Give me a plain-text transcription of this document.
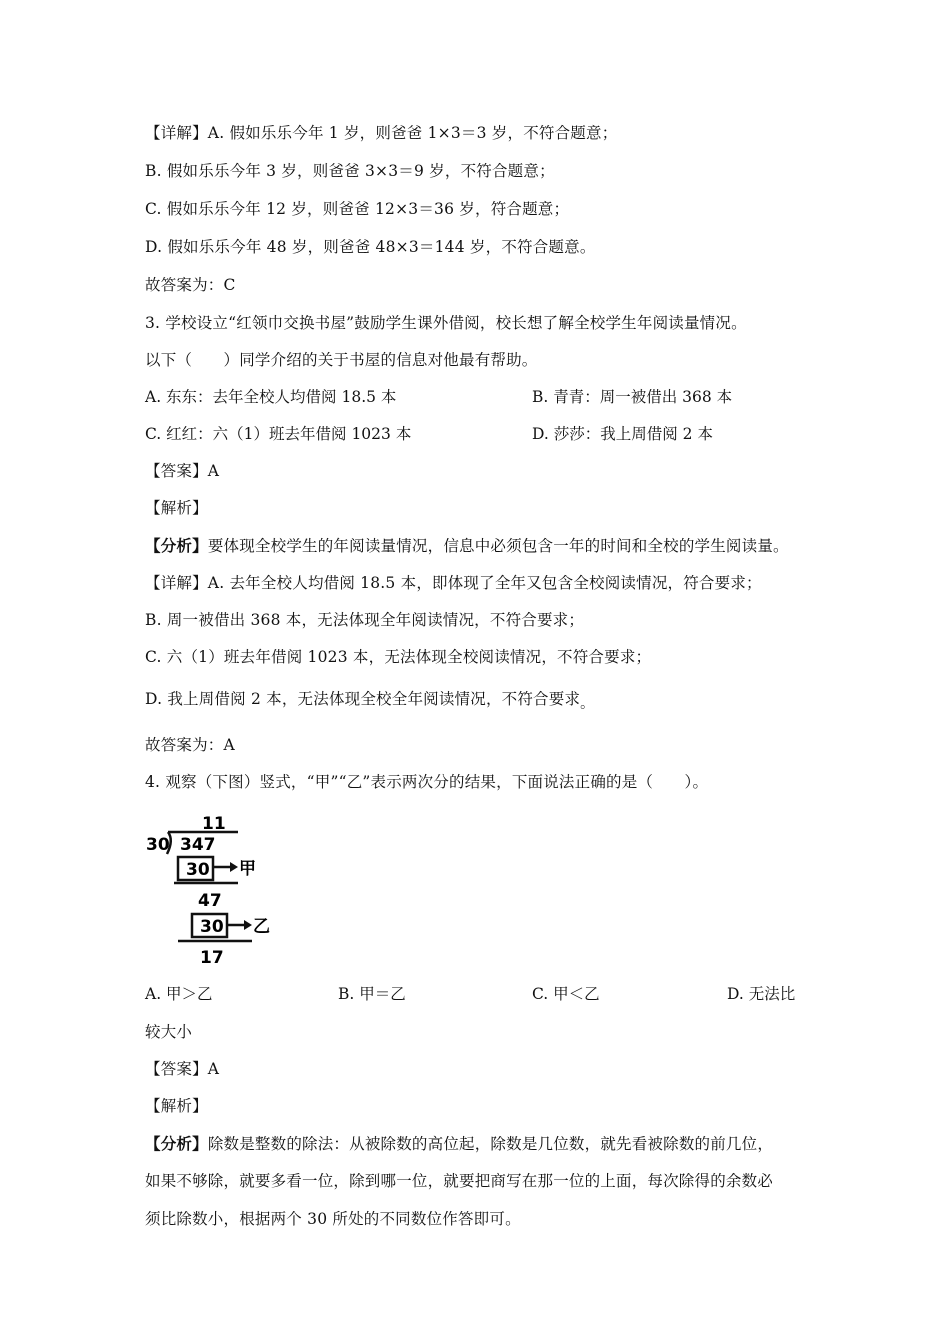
【详解】A. 假如乐乐今年 1 岁，则爸爸 1×3＝3 岁，不符合题意；
B. 假如乐乐今年 3 岁，则爸爸 3×3＝9 岁，不符合题意；
C. 假如乐乐今年 12 岁，则爸爸 12×3＝36 岁，符合题意；
D. 假如乐乐今年 48 岁，则爸爸 48×3＝144 岁，不符合题意。
故答案为：C
3. 学校设立“红领巾交换书屋”鼓励学生课外借阅，校长想了解全校学生年阅读量情况。
以下（　　）同学介绍的关于书屋的信息对他最有帮助。
A. 东东：去年全校人均借阅 18.5 本	B. 青青：周一被借出 368 本
C. 红红：六（1）班去年借阅 1023 本	D. 莎莎：我上周借阅 2 本
【答案】A
【解析】
【分析】要体现全校学生的年阅读量情况，信息中必须包含一年的时间和全校的学生阅读量。
【详解】A. 去年全校人均借阅 18.5 本，即体现了全年又包含全校阅读情况，符合要求；
B. 周一被借出 368 本，无法体现全年阅读情况，不符合要求；
C. 六（1）班去年借阅 1023 本，无法体现全校阅读情况，不符合要求；
D. 我上周借阅 2 本，无法体现全校全年阅读情况，不符合要求。
故答案为：A
4. 观察（下图）竖式，“甲”“乙”表示两次分的结果，下面说法正确的是（　　）。
11
30 347
30 甲
47
30 乙
17
A. 甲＞乙	B. 甲＝乙	C. 甲＜乙	D. 无法比
较大小
【答案】A
【解析】
【分析】除数是整数的除法：从被除数的高位起，除数是几位数，就先看被除数的前几位，
如果不够除，就要多看一位，除到哪一位，就要把商写在那一位的上面，每次除得的余数必
须比除数小，根据两个 30 所处的不同数位作答即可。
